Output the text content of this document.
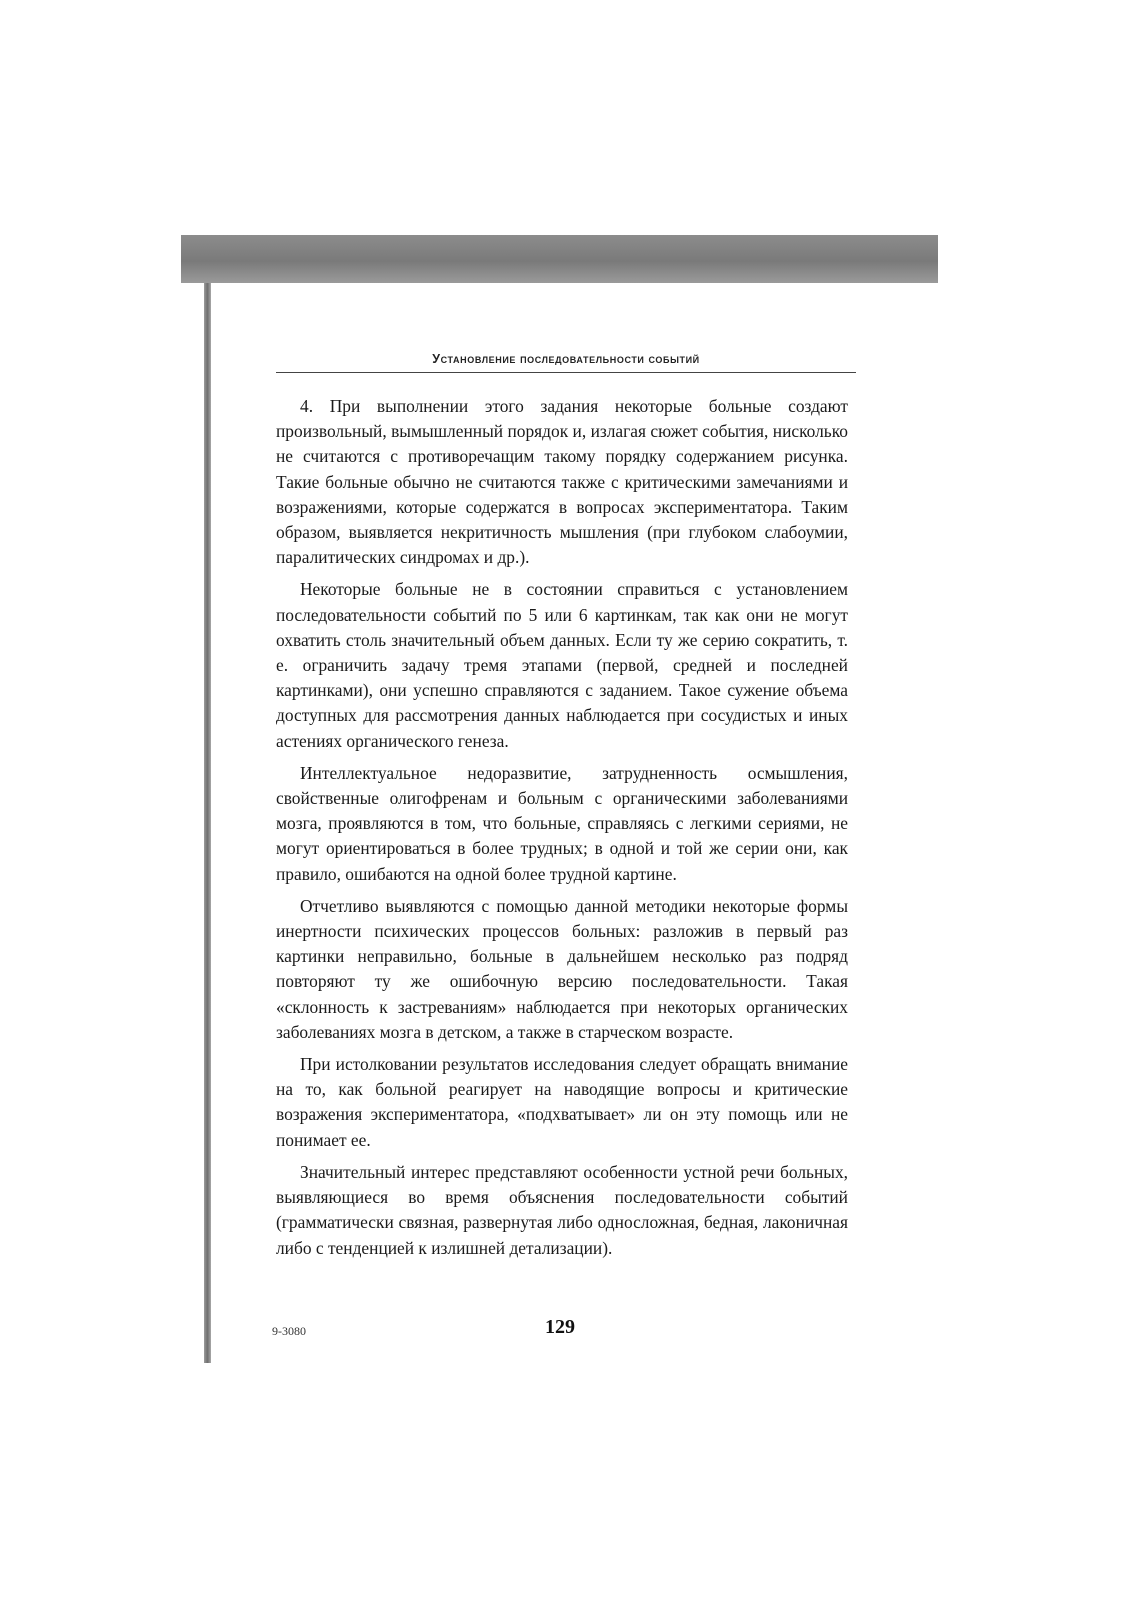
Установление последовательности событий

4. При выполнении этого задания некоторые больные создают произвольный, вымышленный порядок и, излагая сюжет события, нисколько не считаются с противоречащим такому порядку содержанием рисунка. Такие больные обычно не считаются также с критическими замечаниями и возражениями, которые содержатся в вопросах экспериментатора. Таким образом, выявляется некритичность мышления (при глубоком слабоумии, паралитических синдромах и др.).

Некоторые больные не в состоянии справиться с установлением последовательности событий по 5 или 6 картинкам, так как они не могут охватить столь значительный объем данных. Если ту же серию сократить, т. е. ограничить задачу тремя этапами (первой, средней и последней картинками), они успешно справляются с заданием. Такое сужение объема доступных для рассмотрения данных наблюдается при сосудистых и иных астениях органического генеза.

Интеллектуальное недоразвитие, затрудненность осмышления, свойственные олигофренам и больным с органическими заболеваниями мозга, проявляются в том, что больные, справляясь с легкими сериями, не могут ориентироваться в более трудных; в одной и той же серии они, как правило, ошибаются на одной более трудной картине.

Отчетливо выявляются с помощью данной методики некоторые формы инертности психических процессов больных: разложив в первый раз картинки неправильно, больные в дальнейшем несколько раз подряд повторяют ту же ошибочную версию последовательности. Такая «склонность к застреваниям» наблюдается при некоторых органических заболеваниях мозга в детском, а также в старческом возрасте.

При истолковании результатов исследования следует обращать внимание на то, как больной реагирует на наводящие вопросы и критические возражения экспериментатора, «подхватывает» ли он эту помощь или не понимает ее.

Значительный интерес представляют особенности устной речи больных, выявляющиеся во время объяснения последовательности событий (грамматически связная, развернутая либо односложная, бедная, лаконичная либо с тенденцией к излишней детализации).

9-3080	129
